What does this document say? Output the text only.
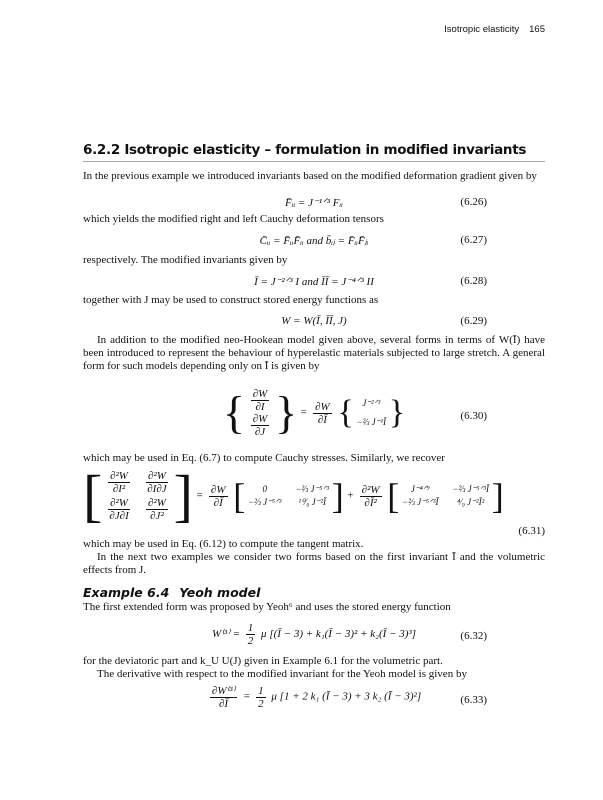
Isotropic elasticity 165
6.2.2 Isotropic elasticity – formulation in modified invariants
In the previous example we introduced invariants based on the modified deformation gradient given by
F̄ᵢᵢ = J⁻¹ᐟ³ Fᵢᵢ	(6.26)
which yields the modified right and left Cauchy deformation tensors
C̄ᵢᵢ = F̄ᵢᵢF̄ᵢᵢ and b̄ᵢⱼ = F̄ᵢᵢF̄ⱼᵢ	(6.27)
respectively. The modified invariants given by
Ī = J⁻²ᐟ³ I and ĪĪ = J⁻⁴ᐟ³ II	(6.28)
together with J may be used to construct stored energy functions as
W = W(Ī, ĪĪ, J)	(6.29)
In addition to the modified neo-Hookean model given above, several forms in terms of W(Ī) have been introduced to represent the behaviour of hyperelastic materials subjected to large stretch. A general form for such models depending only on Ī is given by
{ $\frac{\partial W}{\partial I}$
$\frac{\partial W}{\partial J}$ } = $\frac{\partial W}{\partial Ī}$ { J⁻²ᐟ³
−⅔ J⁻¹Ī }	(6.30)
which may be used in Eq. (6.7) to compute Cauchy stresses. Similarly, we recover
[ $\frac{\text{∂²W}}{\text{∂I²}} \frac{\text{∂²W}}{\partial I\partial J}$
$\frac{\text{∂²W}}{\partial J\partial I} \frac{\text{∂²W}}{\text{∂J²}}$ ] = $\frac{\partial W}{\partial Ī}$ [	0	−⅔ J⁻⁵ᐟ³
−⅔ J⁻⁵ᐟ³	¹⁰⁄₉ J⁻²Ī ] + $\frac{\text{∂²W}}{\text{∂Ī²}}$ [	J⁻⁴ᐟ⁹	−⅔ J⁻⁵ᐟ³Ī
−⅔ J⁻⁵ᐟ³Ī	⁴⁄₉ J⁻²Ī² ]
(6.31)
which may be used in Eq. (6.12) to compute the tangent matrix.
In the next two examples we consider two forms based on the first invariant Ī and the volumetric effects from J.
Example 6.4 Yeoh model
The first extended form was proposed by Yeoh⁶ and uses the stored energy function
$W^{(3)} = \frac{1}{2}$ μ [(Ī − 3) + k₁(Ī − 3)² + k₂(Ī − 3)³]	(6.32)
for the deviatoric part and k_U U(J) given in Example 6.1 for the volumetric part.
The derivative with respect to the modified invariant for the Yeoh model is given by
$\frac{\text{∂W⁽³⁾}}{\partial Ī} = \frac{1}{2}$ μ [1 + 2 k₁ (Ī − 3) + 3 k₂ (Ī − 3)²]	(6.33)
